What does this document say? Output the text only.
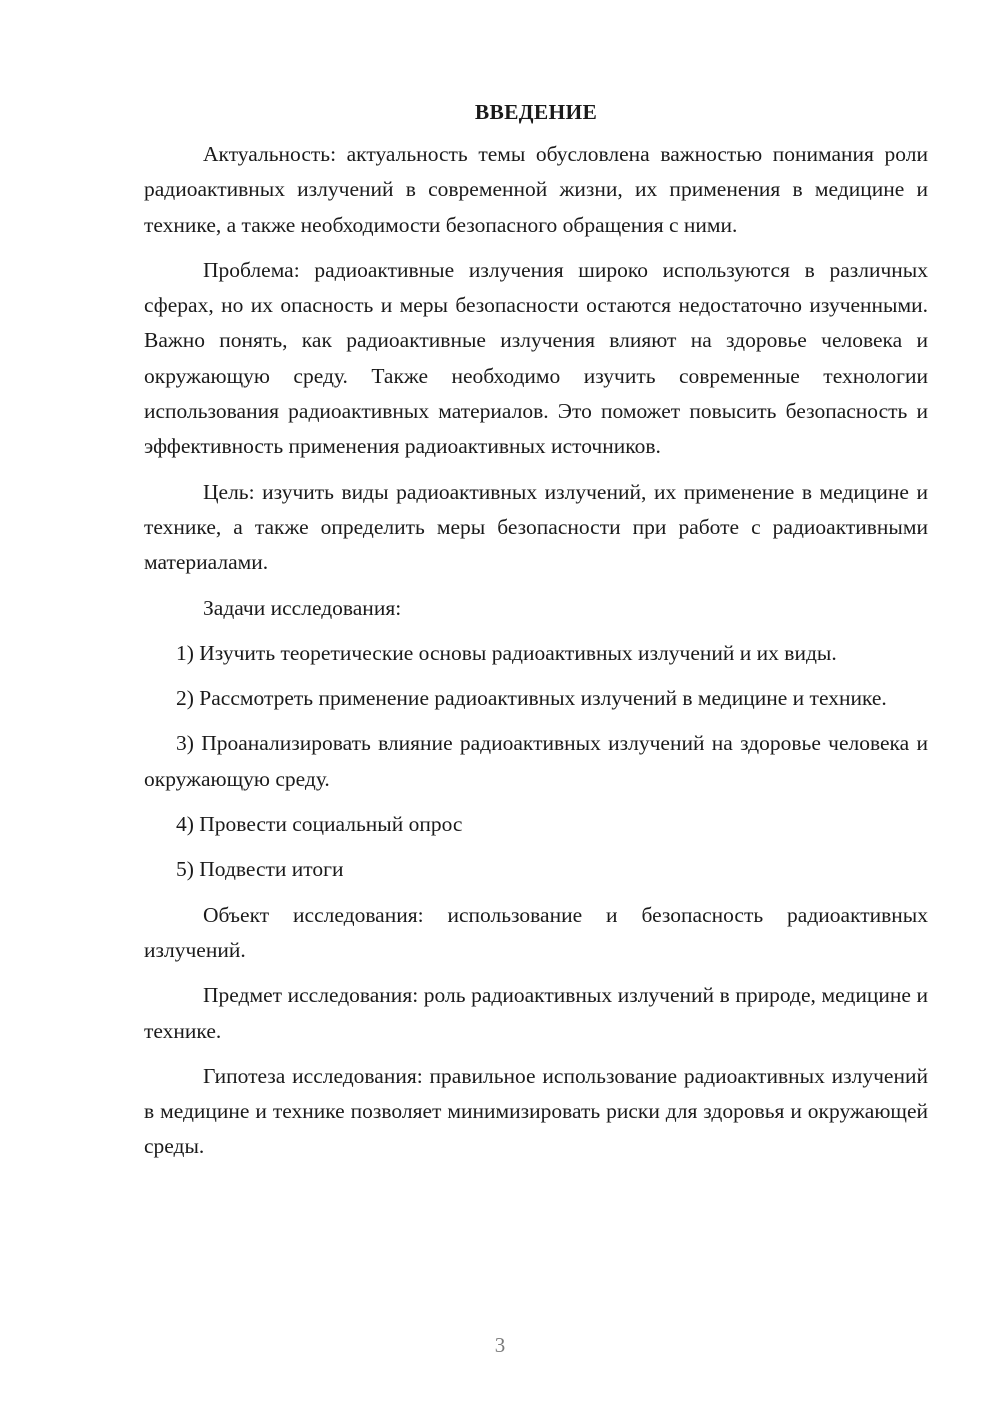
ВВЕДЕНИЕ

Актуальность: актуальность темы обусловлена важностью понимания роли радиоактивных излучений в современной жизни, их применения в медицине и технике, а также необходимости безопасного обращения с ними.

Проблема: радиоактивные излучения широко используются в различных сферах, но их опасность и меры безопасности остаются недостаточно изученными. Важно понять, как радиоактивные излучения влияют на здоровье человека и окружающую среду. Также необходимо изучить современные технологии использования радиоактивных материалов. Это поможет повысить безопасность и эффективность применения радиоактивных источников.

Цель: изучить виды радиоактивных излучений, их применение в медицине и технике, а также определить меры безопасности при работе с радиоактивными материалами.

Задачи исследования:

1) Изучить теоретические основы радиоактивных излучений и их виды.

2) Рассмотреть применение радиоактивных излучений в медицине и технике.

3) Проанализировать влияние радиоактивных излучений на здоровье человека и окружающую среду.

4) Провести социальный опрос

5) Подвести итоги

Объект исследования: использование и безопасность радиоактивных излучений.

Предмет исследования: роль радиоактивных излучений в природе, медицине и технике.

Гипотеза исследования: правильное использование радиоактивных излучений в медицине и технике позволяет минимизировать риски для здоровья и окружающей среды.

3
